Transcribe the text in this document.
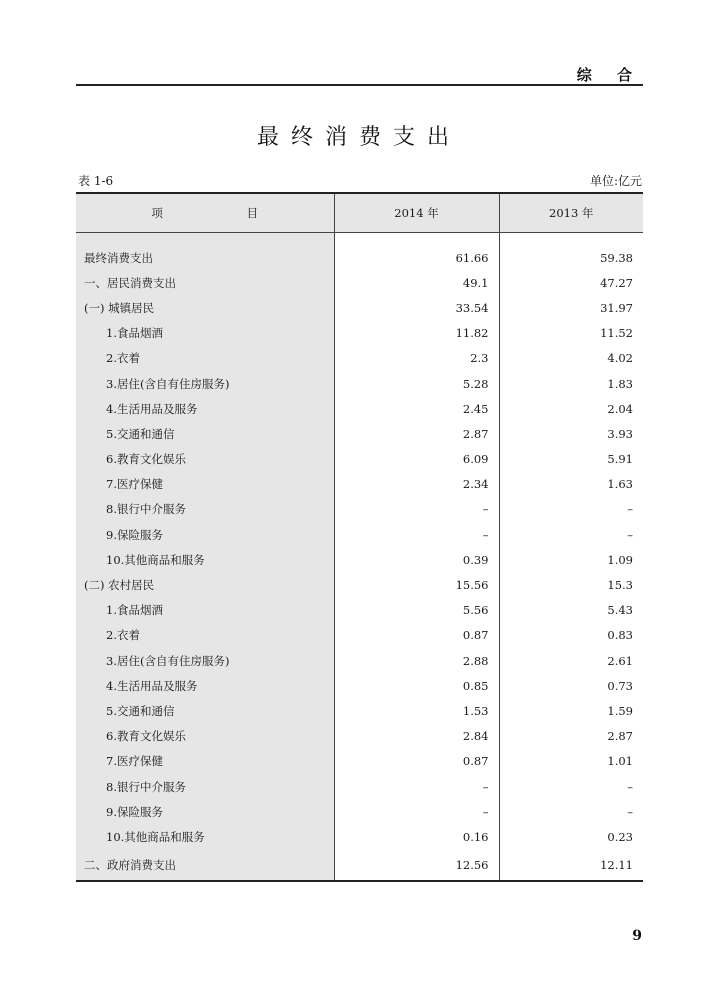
综 合
最终消费支出
表 1-6	单位:亿元
项 目	2014 年	2013 年

最终消费支出	61.66	59.38
一、居民消费支出	49.1	47.27
(一) 城镇居民	33.54	31.97
1.食品烟酒	11.82	11.52
2.衣着	2.3	4.02
3.居住(含自有住房服务)	5.28	1.83
4.生活用品及服务	2.45	2.04
5.交通和通信	2.87	3.93
6.教育文化娱乐	6.09	5.91
7.医疗保健	2.34	1.63
8.银行中介服务	–	–
9.保险服务	–	–
10.其他商品和服务	0.39	1.09
(二) 农村居民	15.56	15.3
1.食品烟酒	5.56	5.43
2.衣着	0.87	0.83
3.居住(含自有住房服务)	2.88	2.61
4.生活用品及服务	0.85	0.73
5.交通和通信	1.53	1.59
6.教育文化娱乐	2.84	2.87
7.医疗保健	0.87	1.01
8.银行中介服务	–	–
9.保险服务	–	–
10.其他商品和服务	0.16	0.23
二、政府消费支出	12.56	12.11
9
